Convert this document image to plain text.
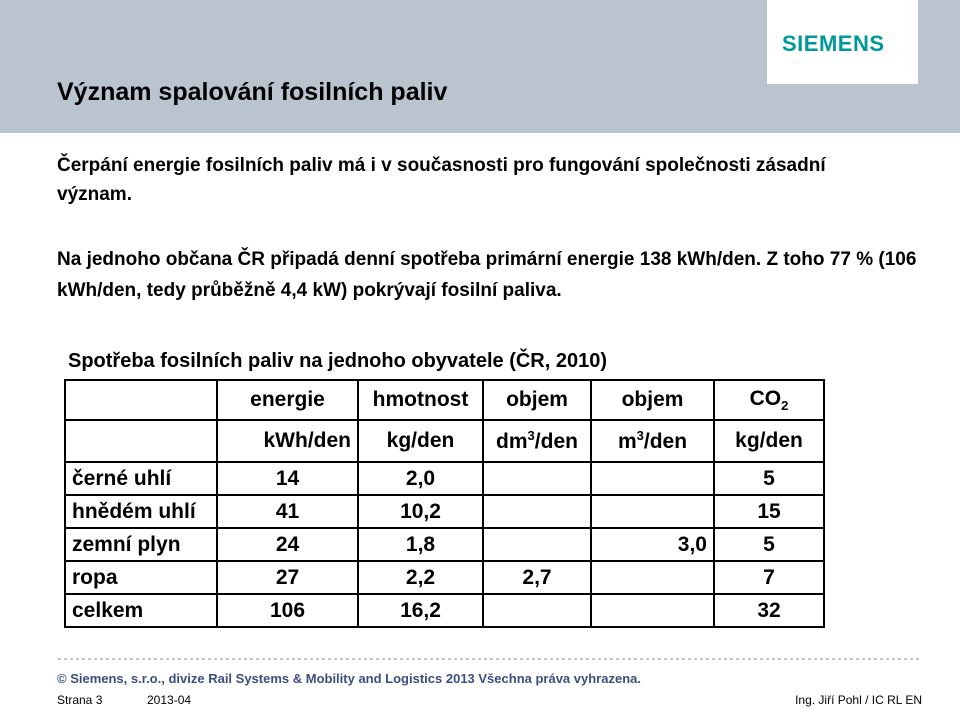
SIEMENS
Význam spalování fosilních paliv
Čerpání energie fosilních paliv má i v současnosti pro fungování společnosti zásadní význam.
Na jednoho občana ČR připadá denní spotřeba primární energie 138 kWh/den. Z toho 77 % (106 kWh/den, tedy průběžně 4,4 kW) pokrývají fosilní paliva.
Spotřeba fosilních paliv na jednoho obyvatele (ČR, 2010)
	energie	hmotnost	objem	objem	$CO_2$
	kWh/den	kg/den	$dm^3$/den	$m^3$/den	kg/den
černé uhlí	14	2,0			5
hnědém uhlí	41	10,2			15
zemní plyn	24	1,8		3,0	5
ropa	27	2,2	2,7		7
celkem	106	16,2			32
© Siemens, s.r.o., divize Rail Systems & Mobility and Logistics 2013 Všechna práva vyhrazena.
Strana 3	2013-04	Ing. Jiří Pohl / IC RL EN
